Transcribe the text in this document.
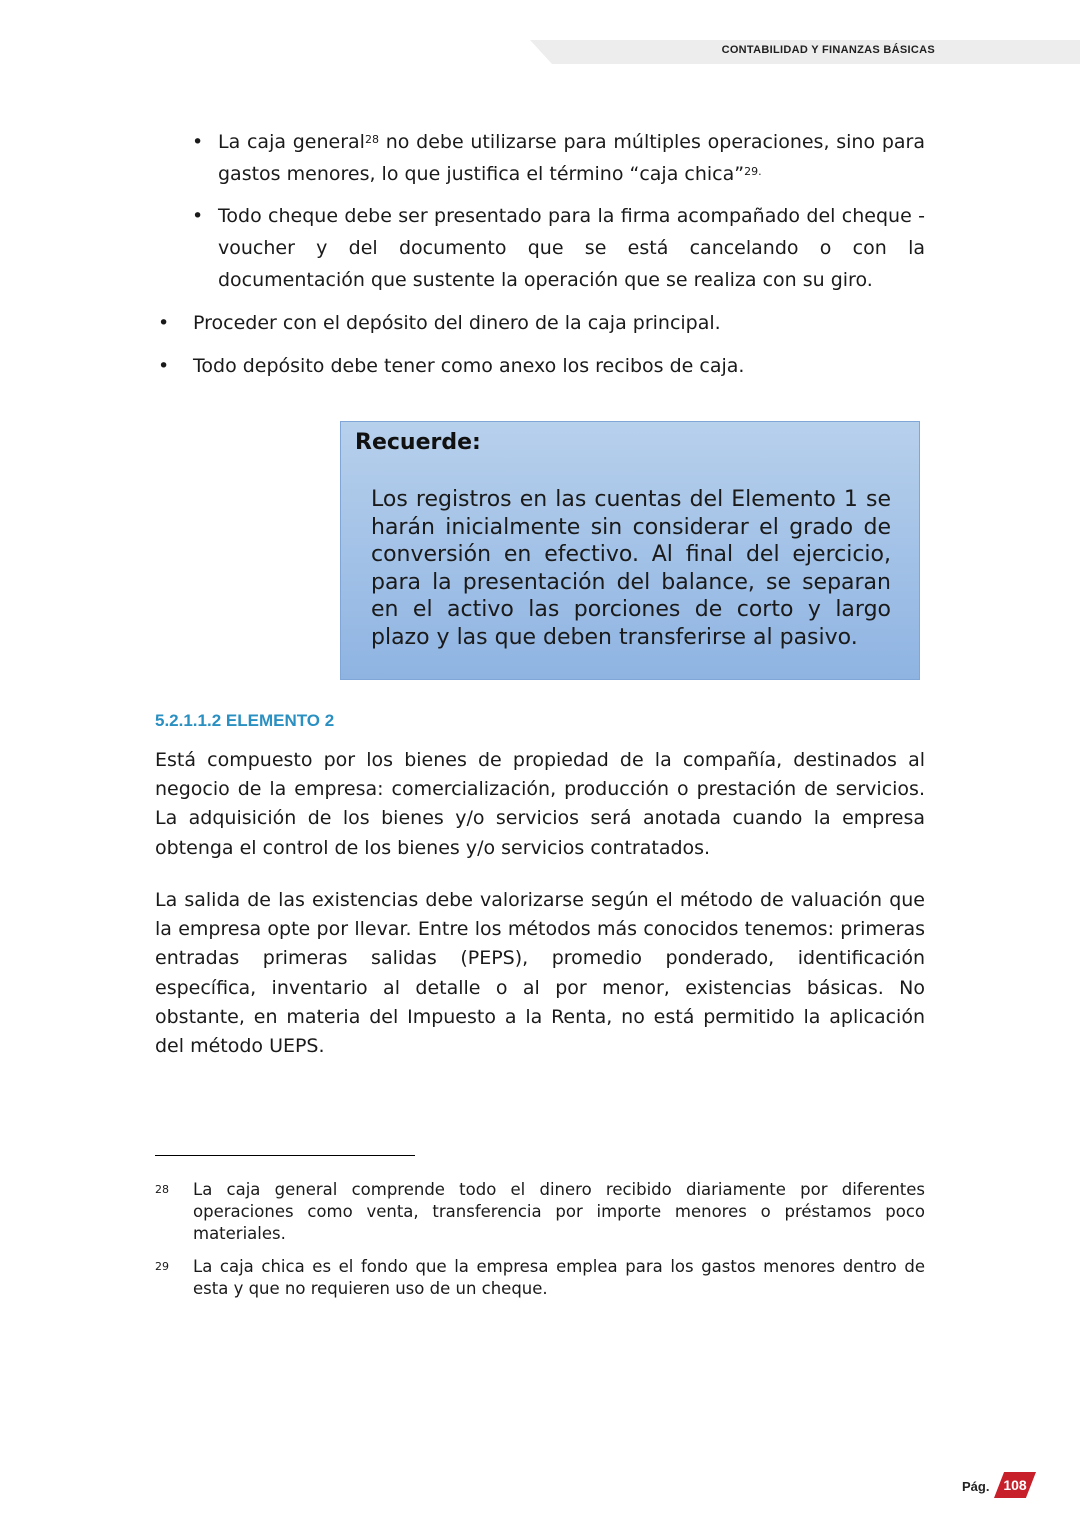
CONTABILIDAD Y FINANZAS BÁSICAS
• La caja general$^{28}$ no debe utilizarse para múltiples operaciones, sino para gastos menores, lo que justifica el término “caja chica”$^{29.}$
• Todo cheque debe ser presentado para la firma acompañado del cheque - voucher y del documento que se está cancelando o con la documentación que sustente la operación que se realiza con su giro.
• Proceder con el depósito del dinero de la caja principal.
• Todo depósito debe tener como anexo los recibos de caja.
Recuerde:
Los registros en las cuentas del Elemento 1 se harán inicialmente sin considerar el grado de conversión en efectivo. Al final del ejercicio, para la presentación del balance, se separan en el activo las porciones de corto y largo plazo y las que deben transferirse al pasivo.
5.2.1.1.2 ELEMENTO 2
Está compuesto por los bienes de propiedad de la compañía, destinados al negocio de la empresa: comercialización, producción o prestación de servicios. La adquisición de los bienes y/o servicios será anotada cuando la empresa obtenga el control de los bienes y/o servicios contratados.
La salida de las existencias debe valorizarse según el método de valuación que la empresa opte por llevar. Entre los métodos más conocidos tenemos: primeras entradas primeras salidas (PEPS), promedio ponderado, identificación específica, inventario al detalle o al por menor, existencias básicas. No obstante, en materia del Impuesto a la Renta, no está permitido la aplicación del método UEPS.
28 La caja general comprende todo el dinero recibido diariamente por diferentes operaciones como venta, transferencia por importe menores o préstamos poco materiales.
29 La caja chica es el fondo que la empresa emplea para los gastos menores dentro de esta y que no requieren uso de un cheque.
Pág. 108
